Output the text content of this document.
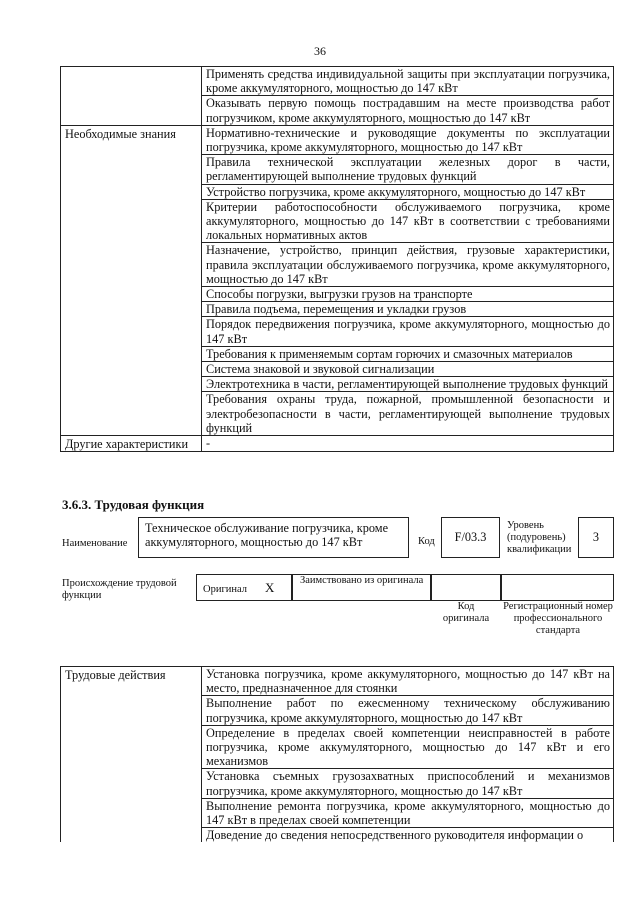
36
	Применять средства индивидуальной защиты при эксплуатации погрузчика, кроме аккумуляторного, мощностью до 147 кВт
	Оказывать первую помощь пострадавшим на месте производства работ погрузчиком, кроме аккумуляторного, мощностью до 147 кВт
Необходимые знания	Нормативно-технические и руководящие документы по эксплуатации погрузчика, кроме аккумуляторного, мощностью до 147 кВт
	Правила технической эксплуатации железных дорог в части, регламентирующей выполнение трудовых функций
	Устройство погрузчика, кроме аккумуляторного, мощностью до 147 кВт
	Критерии работоспособности обслуживаемого погрузчика, кроме аккумуляторного, мощностью до 147 кВт в соответствии с требованиями локальных нормативных актов
	Назначение, устройство, принцип действия, грузовые характеристики, правила эксплуатации обслуживаемого погрузчика, кроме аккумуляторного, мощностью до 147 кВт
	Способы погрузки, выгрузки грузов на транспорте
	Правила подъема, перемещения и укладки грузов
	Порядок передвижения погрузчика, кроме аккумуляторного, мощностью до 147 кВт
	Требования к применяемым сортам горючих и смазочных материалов
	Система знаковой и звуковой сигнализации
	Электротехника в части, регламентирующей выполнение трудовых функций
	Требования охраны труда, пожарной, промышленной безопасности и электробезопасности в части, регламентирующей выполнение трудовых функций
Другие характеристики	-
3.6.3. Трудовая функция
Наименование
Техническое обслуживание погрузчика, кроме аккумуляторного, мощностью до 147 кВт	Код	F/03.3
Уровень (подуровень) квалификации
3
Происхождение трудовой функции
Оригинал X Заимствовано из оригинала
Код оригинала
Регистрационный номер профессионального стандарта
Трудовые действия	Установка погрузчика, кроме аккумуляторного, мощностью до 147 кВт на место, предназначенное для стоянки
Выполнение работ по ежесменному техническому обслуживанию погрузчика, кроме аккумуляторного, мощностью до 147 кВт
Определение в пределах своей компетенции неисправностей в работе погрузчика, кроме аккумуляторного, мощностью до 147 кВт и его механизмов
Установка съемных грузозахватных приспособлений и механизмов погрузчика, кроме аккумуляторного, мощностью до 147 кВт
Выполнение ремонта погрузчика, кроме аккумуляторного, мощностью до 147 кВт в пределах своей компетенции
Доведение до сведения непосредственного руководителя информации о
